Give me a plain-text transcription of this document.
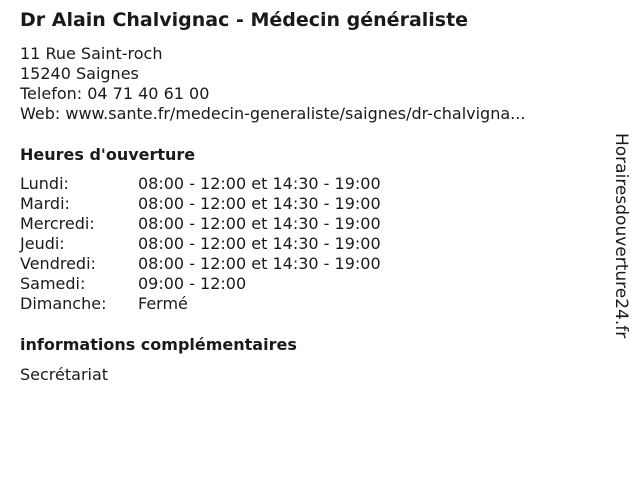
Dr Alain Chalvignac - Médecin généraliste
11 Rue Saint-roch
15240 Saignes
Telefon: 04 71 40 61 00
Web: www.sante.fr/medecin-generaliste/saignes/dr-chalvigna...
Heures d'ouverture
Lundi:	08:00 - 12:00 et 14:30 - 19:00
Mardi:	08:00 - 12:00 et 14:30 - 19:00
Mercredi:	08:00 - 12:00 et 14:30 - 19:00
Jeudi:	08:00 - 12:00 et 14:30 - 19:00
Vendredi:	08:00 - 12:00 et 14:30 - 19:00
Samedi:	09:00 - 12:00
Dimanche: Fermé
informations complémentaires
Secrétariat
Horairesdouverture24.fr
